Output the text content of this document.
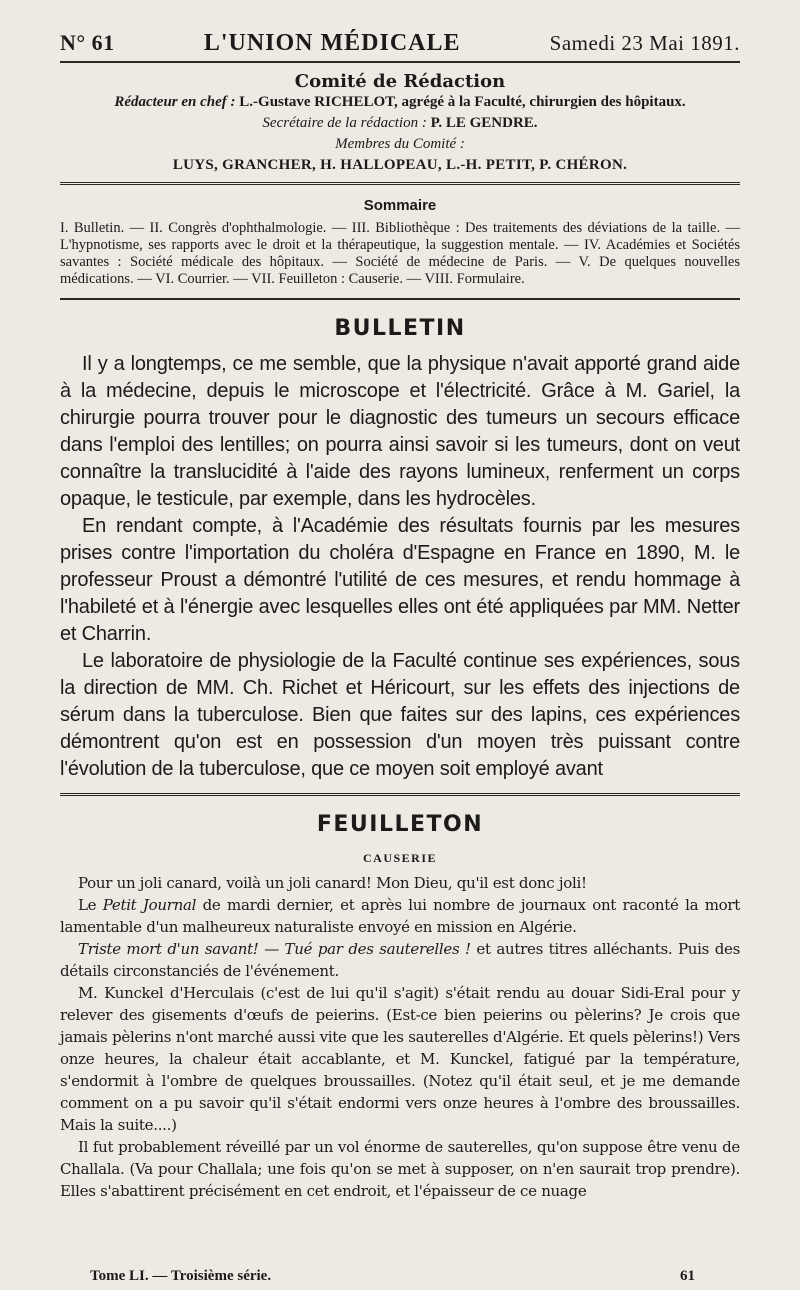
N° 61	L'UNION MÉDICALE	Samedi 23 Mai 1891.
Comité de Rédaction
Rédacteur en chef : L.-Gustave RICHELOT, agrégé à la Faculté, chirurgien des hôpitaux.
Secrétaire de la rédaction : P. LE GENDRE.
Membres du Comité :
LUYS, GRANCHER, H. HALLOPEAU, L.-H. PETIT, P. CHÉRON.
Sommaire
I. Bulletin. — II. Congrès d'ophthalmologie. — III. Bibliothèque : Des traitements des déviations de la taille. — L'hypnotisme, ses rapports avec le droit et la thérapeutique, la suggestion mentale. — IV. Académies et Sociétés savantes : Société médicale des hôpitaux. — Société de médecine de Paris. — V. De quelques nouvelles médications. — VI. Courrier. — VII. Feuilleton : Causerie. — VIII. Formulaire.
BULLETIN

Il y a longtemps, ce me semble, que la physique n'avait apporté grand aide à la médecine, depuis le microscope et l'électricité. Grâce à M. Gariel, la chirurgie pourra trouver pour le diagnostic des tumeurs un secours efficace dans l'emploi des lentilles; on pourra ainsi savoir si les tumeurs, dont on veut connaître la translucidité à l'aide des rayons lumineux, renferment un corps opaque, le testicule, par exemple, dans les hydrocèles.

En rendant compte, à l'Académie des résultats fournis par les mesures prises contre l'importation du choléra d'Espagne en France en 1890, M. le professeur Proust a démontré l'utilité de ces mesures, et rendu hommage à l'habileté et à l'énergie avec lesquelles elles ont été appliquées par MM. Netter et Charrin.

Le laboratoire de physiologie de la Faculté continue ses expériences, sous la direction de MM. Ch. Richet et Héricourt, sur les effets des injections de sérum dans la tuberculose. Bien que faites sur des lapins, ces expériences démontrent qu'on est en possession d'un moyen très puissant contre l'évolution de la tuberculose, que ce moyen soit employé avant

FEUILLETON
CAUSERIE

Pour un joli canard, voilà un joli canard! Mon Dieu, qu'il est donc joli!

Le Petit Journal de mardi dernier, et après lui nombre de journaux ont raconté la mort lamentable d'un malheureux naturaliste envoyé en mission en Algérie.

Triste mort d'un savant! — Tué par des sauterelles ! et autres titres alléchants. Puis des détails circonstanciés de l'événement.

M. Kunckel d'Herculais (c'est de lui qu'il s'agit) s'était rendu au douar Sidi-Eral pour y relever des gisements d'œufs de peierins. (Est-ce bien peierins ou pèlerins? Je crois que jamais pèlerins n'ont marché aussi vite que les sauterelles d'Algérie. Et quels pèlerins!) Vers onze heures, la chaleur était accablante, et M. Kunckel, fatigué par la température, s'endormit à l'ombre de quelques broussailles. (Notez qu'il était seul, et je me demande comment on a pu savoir qu'il s'était endormi vers onze heures à l'ombre des broussailles. Mais la suite....)

Il fut probablement réveillé par un vol énorme de sauterelles, qu'on suppose être venu de Challala. (Va pour Challala; une fois qu'on se met à supposer, on n'en saurait trop prendre). Elles s'abattirent précisément en cet endroit, et l'épaisseur de ce nuage

Tome LI. — Troisième série.	61
